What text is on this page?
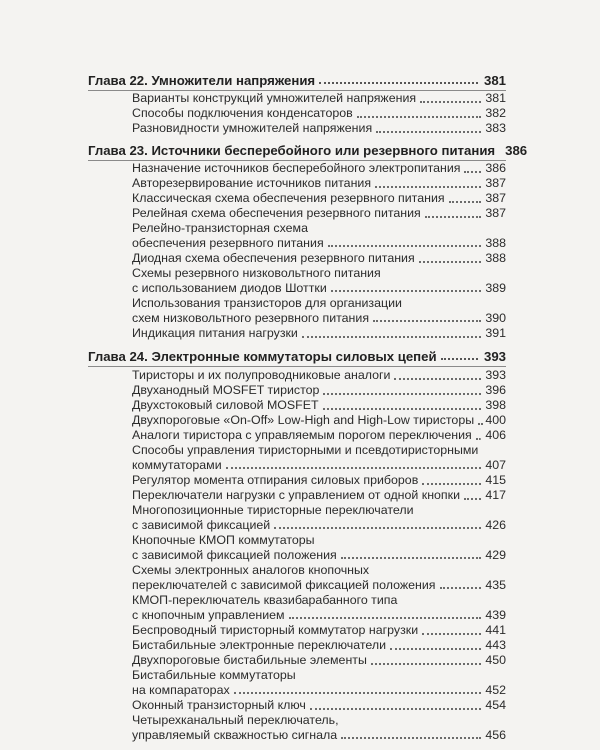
Глава 22. Умножители напряжения	381
Варианты конструкций умножителей напряжения	381
Способы подключения конденсаторов	382
Разновидности умножителей напряжения	383
Глава 23. Источники бесперебойного или резервного питания 386
Назначение источников бесперебойного электропитания 386
Авторезервирование источников питания	387
Классическая схема обеспечения резервного питания	387
Релейная схема обеспечения резервного питания	387
Релейно-транзисторная схема
обеспечения резервного питания	388
Диодная схема обеспечения резервного питания	388
Схемы резервного низковольтного питания
с использованием диодов Шоттки	389
Использования транзисторов для организации
схем низковольтного резервного питания	390
Индикация питания нагрузки	391
Глава 24. Электронные коммутаторы силовых цепей	393
Тиристоры и их полупроводниковые аналоги	393
Двуханодный MOSFET тиристор	396
Двухстоковый силовой MOSFET	398
Двухпороговые «On-Off» Low-High and High-Low тиристоры 400
Аналоги тиристора с управляемым порогом переключения 406
Способы управления тиристорными и псевдотиристорными
коммутаторами	407
Регулятор момента отпирания силовых приборов	415
Переключатели нагрузки с управлением от одной кнопки 417
Многопозиционные тиристорные переключатели
с зависимой фиксацией	426
Кнопочные КМОП коммутаторы
с зависимой фиксацией положения	429
Схемы электронных аналогов кнопочных
переключателей с зависимой фиксацией положения	435
КМОП-переключатель квазибарабанного типа
с кнопочным управлением	439
Беспроводный тиристорный коммутатор нагрузки	441
Бистабильные электронные переключатели	443
Двухпороговые бистабильные элементы	450
Бистабильные коммутаторы
на компараторах	452
Оконный транзисторный ключ	454
Четырехканальный переключатель,
управляемый скважностью сигнала	456
